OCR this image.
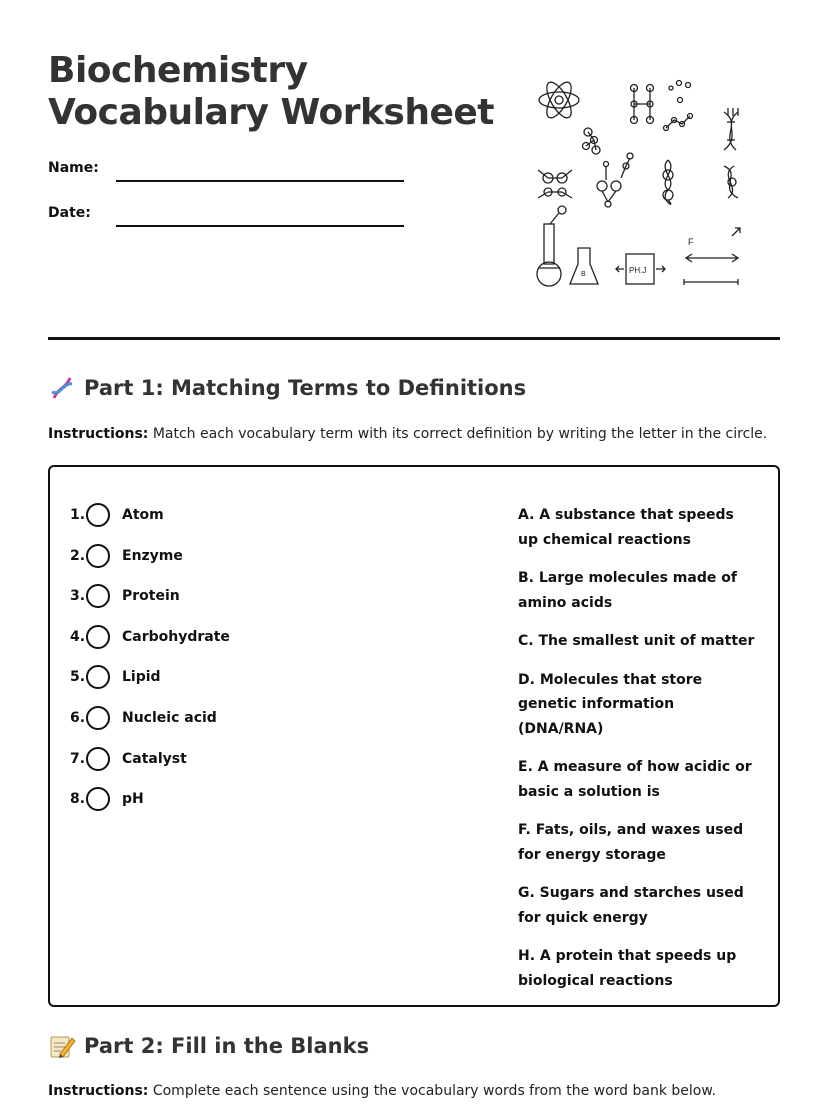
Biochemistry
Vocabulary Worksheet
Name:
Date:
B	PH.J
F
Part 1: Matching Terms to Definitions
Instructions: Match each vocabulary term with its correct definition by writing the letter in the circle.
1.	Atom
2.	Enzyme
3.	Protein
4.	Carbohydrate
5.	Lipid
6.	Nucleic acid
7.	Catalyst
8.	pH
A. A substance that speeds up chemical reactions
B. Large molecules made of amino acids
C. The smallest unit of matter
D. Molecules that store genetic information (DNA/RNA)
E. A measure of how acidic or basic a solution is
F. Fats, oils, and waxes used for energy storage
G. Sugars and starches used for quick energy
H. A protein that speeds up biological reactions
Part 2: Fill in the Blanks
Instructions: Complete each sentence using the vocabulary words from the word bank below.
